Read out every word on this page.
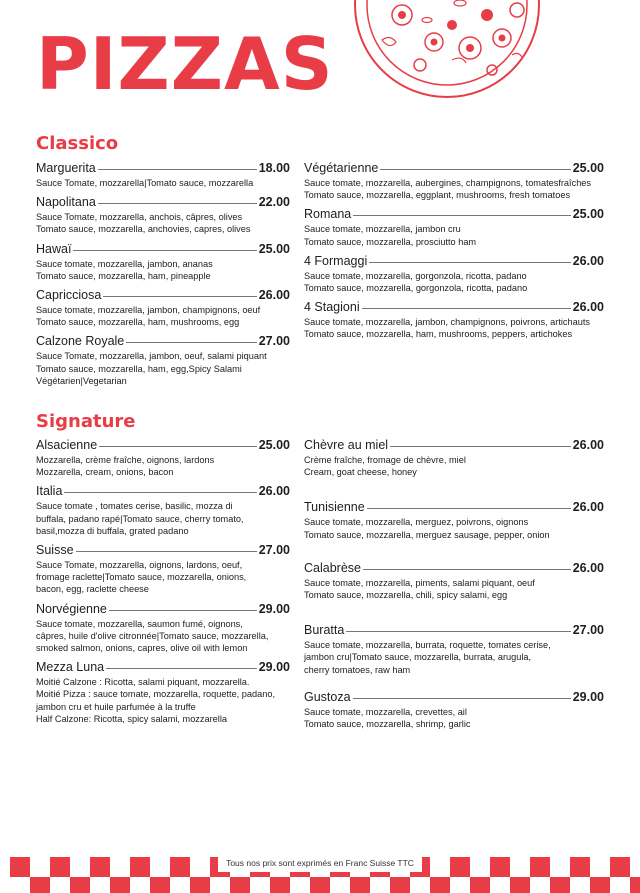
PIZZAS
Classico
Marguerita	18.00
Sauce Tomate, mozzarella|Tomato sauce, mozzarella
Napolitana	22.00
Sauce Tomate, mozzarella, anchois, câpres, olives
Tomato sauce, mozzarella, anchovies, capres, olives
Hawaï	25.00
Sauce tomate, mozzarella, jambon, ananas
Tomato sauce, mozzarella, ham, pineapple
Capricciosa	26.00
Sauce tomate, mozzarella, jambon, champignons, oeuf
Tomato sauce, mozzarella, ham, mushrooms, egg
Calzone Royale	27.00
Sauce Tomate, mozzarella, jambon, oeuf, salami piquant
Tomato sauce, mozzarella, ham, egg,Spicy Salami
Végétarien|Vegetarian
Végétarienne	25.00
Sauce tomate, mozzarella, aubergines, champignons, tomatesfraîches
Tomato sauce, mozzarella, eggplant, mushrooms, fresh tomatoes
Romana	25.00
Sauce tomate, mozzarella, jambon cru
Tomato sauce, mozzarella, prosciutto ham
4 Formaggi	26.00
Sauce tomate, mozzarella, gorgonzola, ricotta, padano
Tomato sauce, mozzarella, gorgonzola, ricotta, padano
4 Stagioni	26.00
Sauce tomate, mozzarella, jambon, champignons, poivrons, artichauts
Tomato sauce, mozzarella, ham, mushrooms, peppers, artichokes
Signature
Alsacienne	25.00
Mozzarella, crème fraîche, oignons, lardons
Mozzarella, cream, onions, bacon
Italia	26.00
Sauce tomate , tomates cerise, basilic, mozza di
buffala, padano rapé|Tomato sauce, cherry tomato,
basil,mozza di buffala, grated padano
Suisse	27.00
Sauce Tomate, mozzarella, oignons, lardons, oeuf,
fromage raclette|Tomato sauce, mozzarella, onions,
bacon, egg, raclette cheese
Norvégienne	29.00
Sauce tomate, mozzarella, saumon fumé, oignons,
câpres, huile d'olive citronnée|Tomato sauce, mozzarella,
smoked salmon, onions, capres, olive oil with lemon
Mezza Luna	29.00
Moitié Calzone : Ricotta, salami piquant, mozzarella.
Moitié Pizza : sauce tomate, mozzarella, roquette, padano,
jambon cru et huile parfumée à la truffe
Half Calzone: Ricotta, spicy salami, mozzarella
Chèvre au miel	26.00
Crème fraîche, fromage de chèvre, miel
Cream, goat cheese, honey
Tunisienne	26.00
Sauce tomate, mozzarella, merguez, poivrons, oignons
Tomato sauce, mozzarella, merguez sausage, pepper, onion
Calabrèse	26.00
Sauce tomate, mozzarella, piments, salami piquant, oeuf
Tomato sauce, mozzarella, chili, spicy salami, egg
Buratta	27.00
Sauce tomate, mozzarella, burrata, roquette, tomates cerise,
jambon cru|Tomato sauce, mozzarella, burrata, arugula,
cherry tomatoes, raw ham
Gustoza	29.00
Sauce tomate, mozzarella, crevettes, ail
Tomato sauce, mozzarella, shrimp, garlic
Tous nos prix sont exprimés en Franc Suisse TTC
